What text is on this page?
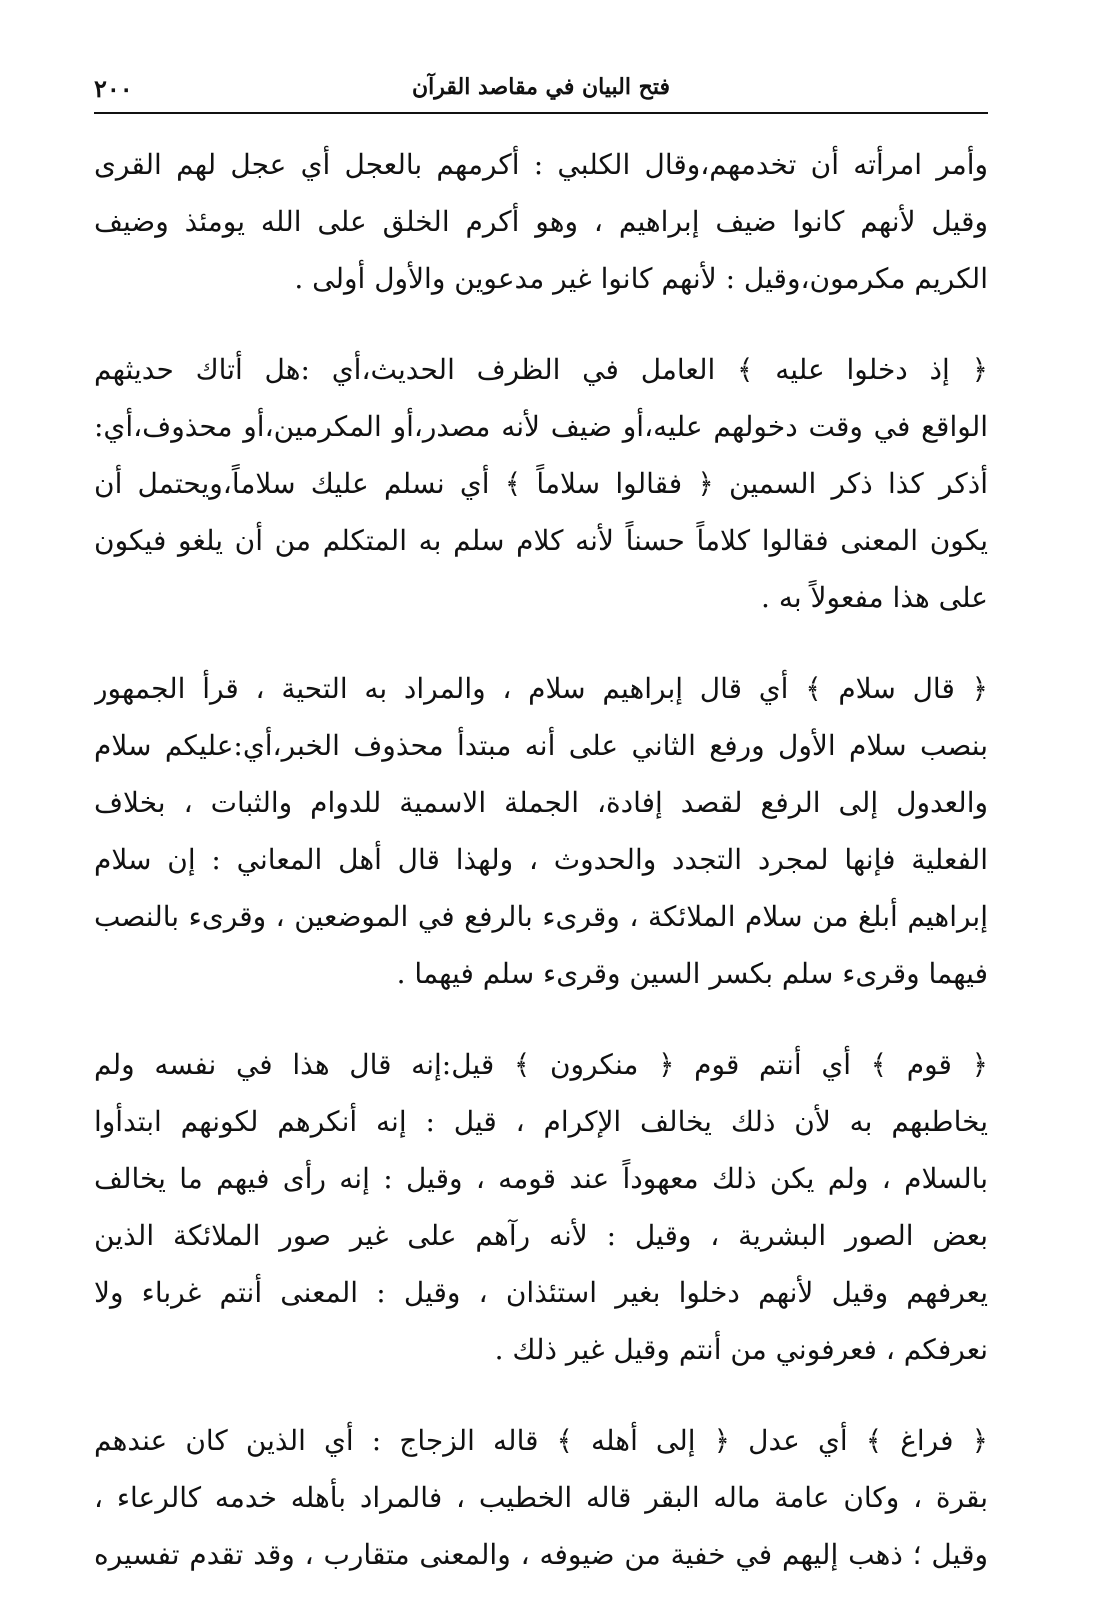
٢٠٠	فتح البيان في مقاصد القرآن
وأمر امرأته أن تخدمهم،وقال الكلبي : أكرمهم بالعجل أي عجل لهم القرى
وقيل لأنهم كانوا ضيف إبراهيم ، وهو أكرم الخلق على الله يومئذ وضيف
الكريم مكرمون،وقيل : لأنهم كانوا غير مدعوين والأول أولى .
﴿ إذ دخلوا عليه ﴾ العامل في الظرف الحديث،أي :هل أتاك حديثهم
الواقع في وقت دخولهم عليه،أو ضيف لأنه مصدر،أو المكرمين،أو محذوف،أي:
أذكر كذا ذكر السمين ﴿ فقالوا سلاماً ﴾ أي نسلم عليك سلاماً،ويحتمل أن
يكون المعنى فقالوا كلاماً حسناً لأنه كلام سلم به المتكلم من أن يلغو فيكون
على هذا مفعولاً به .
﴿ قال سلام ﴾ أي قال إبراهيم سلام ، والمراد به التحية ، قرأ الجمهور
بنصب سلام الأول ورفع الثاني على أنه مبتدأ محذوف الخبر،أي:عليكم سلام
والعدول إلى الرفع لقصد إفادة، الجملة الاسمية للدوام والثبات ، بخلاف
الفعلية فإنها لمجرد التجدد والحدوث ، ولهذا قال أهل المعاني : إن سلام
إبراهيم أبلغ من سلام الملائكة ، وقرىء بالرفع في الموضعين ، وقرىء بالنصب
فيهما وقرىء سلم بكسر السين وقرىء سلم فيهما .
﴿ قوم ﴾ أي أنتم قوم ﴿ منكرون ﴾ قيل:إنه قال هذا في نفسه ولم
يخاطبهم به لأن ذلك يخالف الإكرام ، قيل : إنه أنكرهم لكونهم ابتدأوا
بالسلام ، ولم يكن ذلك معهوداً عند قومه ، وقيل : إنه رأى فيهم ما يخالف
بعض الصور البشرية ، وقيل : لأنه رآهم على غير صور الملائكة الذين
يعرفهم وقيل لأنهم دخلوا بغير استئذان ، وقيل : المعنى أنتم غرباء ولا
نعرفكم ، فعرفوني من أنتم وقيل غير ذلك .
﴿ فراغ ﴾ أي عدل ﴿ إلى أهله ﴾ قاله الزجاج : أي الذين كان عندهم
بقرة ، وكان عامة ماله البقر قاله الخطيب ، فالمراد بأهله خدمه كالرعاء ،
وقيل ؛ ذهب إليهم في خفية من ضيوفه ، والمعنى متقارب ، وقد تقدم تفسيره
